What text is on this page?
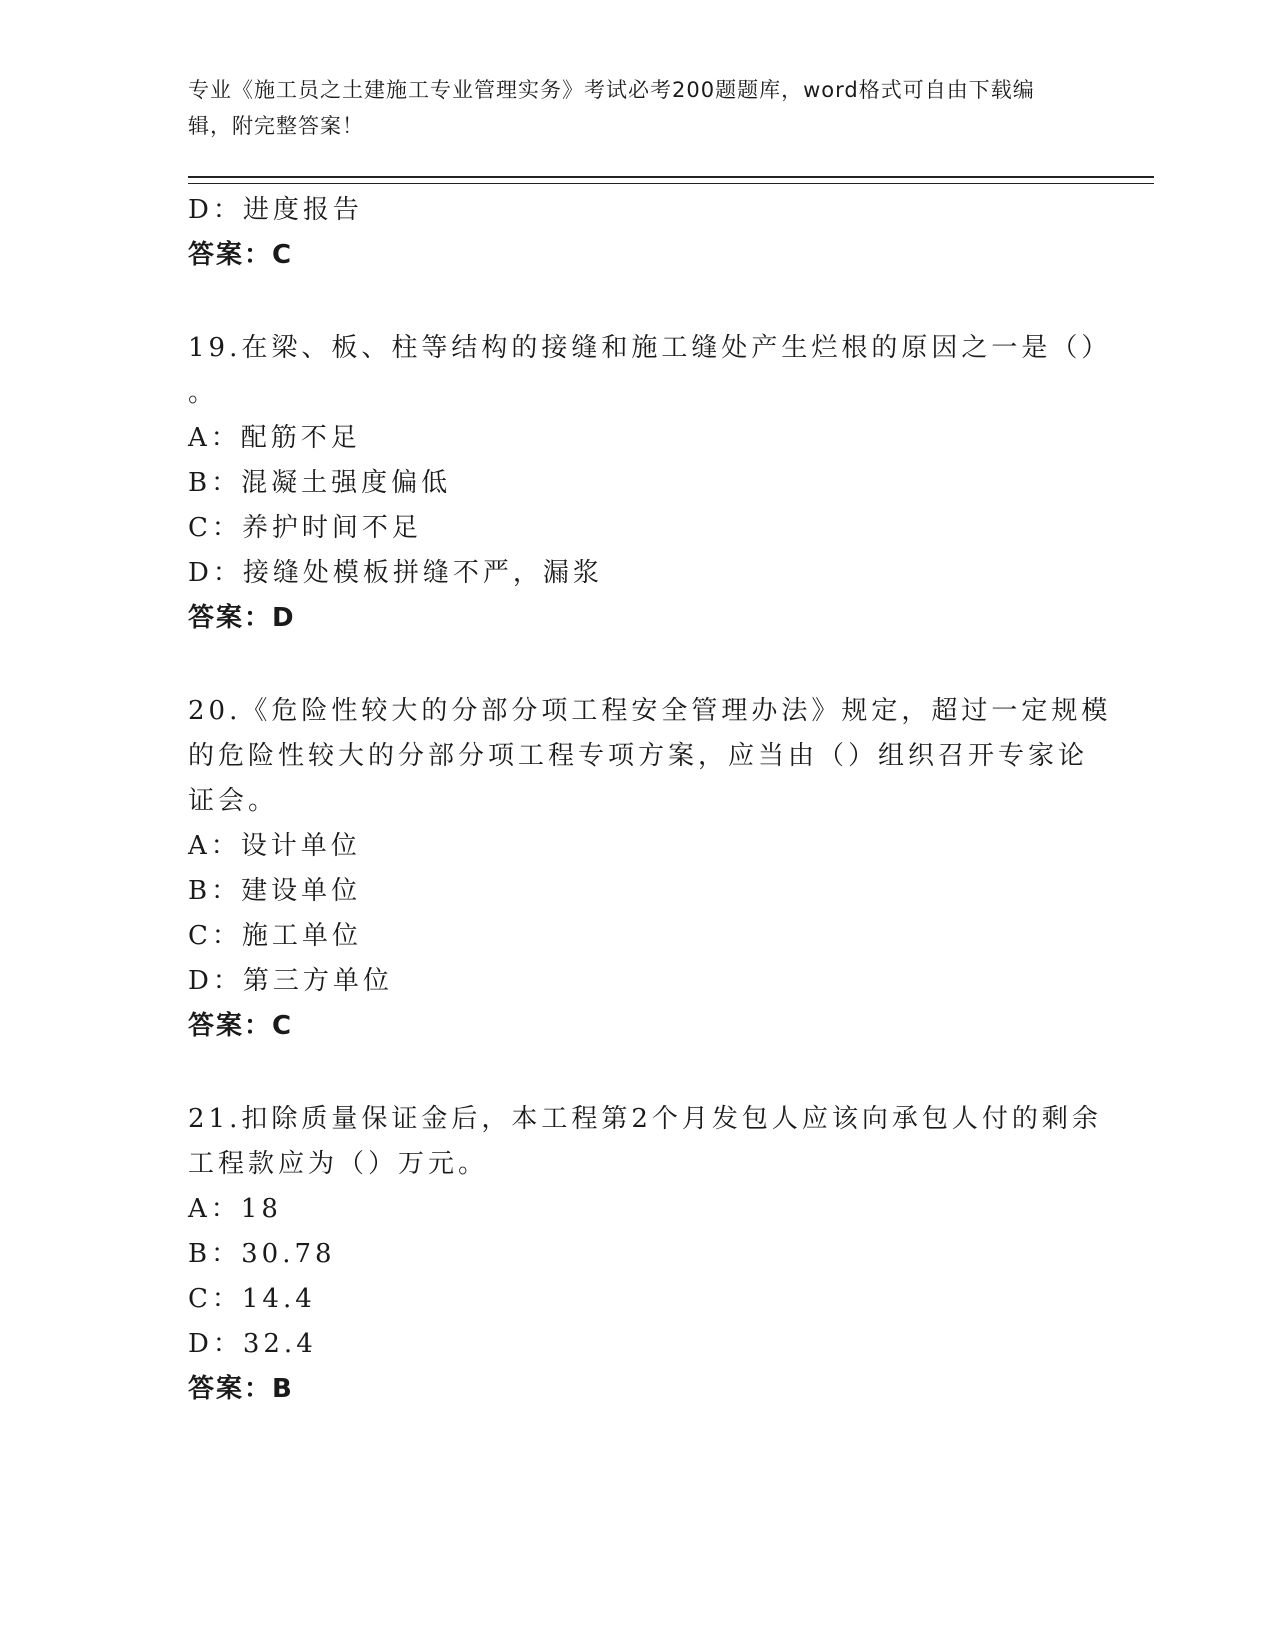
专业《施工员之土建施工专业管理实务》考试必考200题题库，word格式可自由下载编辑，附完整答案！
D：进度报告
答案：C
19.在梁、板、柱等结构的接缝和施工缝处产生烂根的原因之一是（）
。
A：配筋不足
B：混凝土强度偏低
C：养护时间不足
D：接缝处模板拼缝不严，漏浆
答案：D
20.《危险性较大的分部分项工程安全管理办法》规定，超过一定规模
的危险性较大的分部分项工程专项方案，应当由（）组织召开专家论
证会。
A：设计单位
B：建设单位
C：施工单位
D：第三方单位
答案：C
21.扣除质量保证金后，本工程第2个月发包人应该向承包人付的剩余
工程款应为（）万元。
A：18
B：30.78
C：14.4
D：32.4
答案：B
